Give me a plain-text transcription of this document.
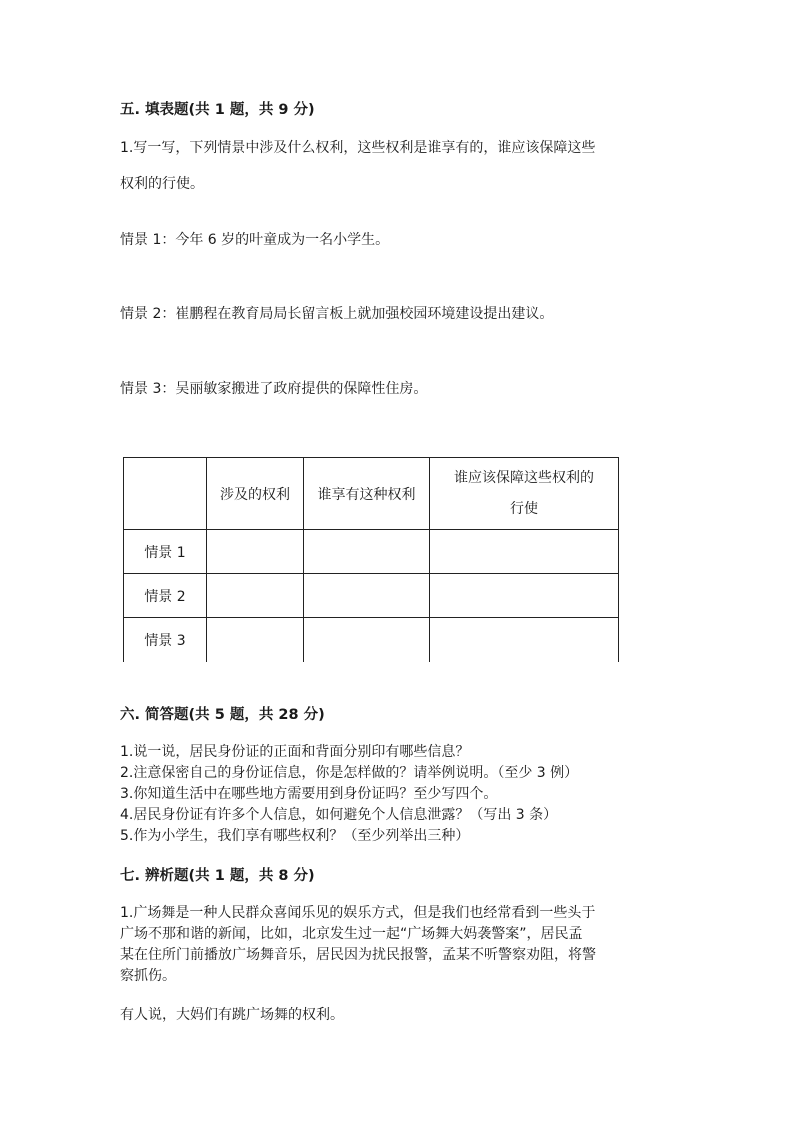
五. 填表题(共 1 题，共 9 分)
1.写一写，下列情景中涉及什么权利，这些权利是谁享有的，谁应该保障这些
权利的行使。
情景 1：今年 6 岁的叶童成为一名小学生。
情景 2：崔鹏程在教育局局长留言板上就加强校园环境建设提出建议。
情景 3：吴丽敏家搬进了政府提供的保障性住房。
	涉及的权利	谁享有这种权利	谁应该保障这些权利的
行使

情景 1			
情景 2			
情景 3			
六. 简答题(共 5 题，共 28 分)
1.说一说，居民身份证的正面和背面分别印有哪些信息？
2.注意保密自己的身份证信息，你是怎样做的？请举例说明。（至少 3 例）
3.你知道生活中在哪些地方需要用到身份证吗？至少写四个。
4.居民身份证有许多个人信息，如何避免个人信息泄露？（写出 3 条）
5.作为小学生，我们享有哪些权利？（至少列举出三种）
七. 辨析题(共 1 题，共 8 分)
1.广场舞是一种人民群众喜闻乐见的娱乐方式，但是我们也经常看到一些头于
广场不那和谐的新闻，比如，北京发生过一起“广场舞大妈袭警案”，居民孟
某在住所门前播放广场舞音乐，居民因为扰民报警，孟某不听警察劝阻，将警
察抓伤。
有人说，大妈们有跳广场舞的权利。
